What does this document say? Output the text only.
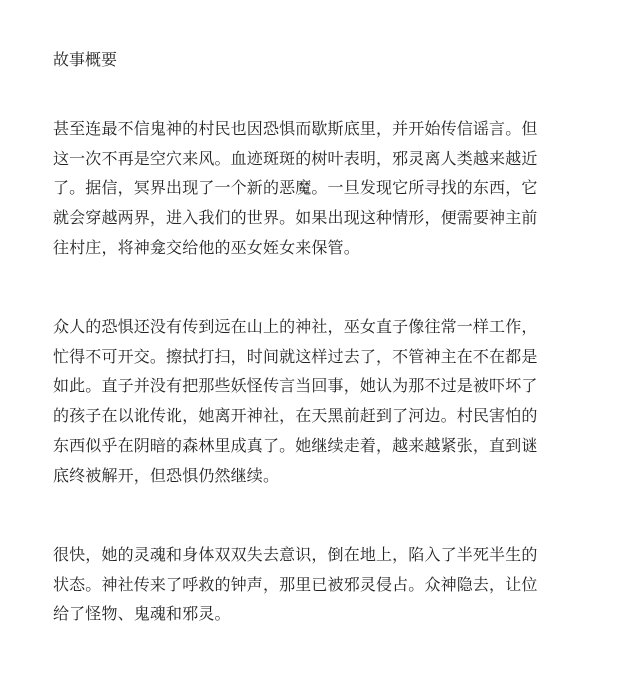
故事概要
甚至连最不信鬼神的村民也因恐惧而歇斯底里，并开始传信谣言。但
这一次不再是空穴来风。血迹斑斑的树叶表明，邪灵离人类越来越近
了。据信，冥界出现了一个新的恶魔。一旦发现它所寻找的东西，它
就会穿越两界，进入我们的世界。如果出现这种情形，便需要神主前
往村庄，将神龛交给他的巫女姪女来保管。
众人的恐惧还没有传到远在山上的神社，巫女直子像往常一样工作，
忙得不可开交。擦拭打扫，时间就这样过去了，不管神主在不在都是
如此。直子并没有把那些妖怪传言当回事，她认为那不过是被吓坏了
的孩子在以讹传讹，她离开神社，在天黑前赶到了河边。村民害怕的
东西似乎在阴暗的森林里成真了。她继续走着，越来越紧张，直到谜
底终被解开，但恐惧仍然继续。
很快，她的灵魂和身体双双失去意识，倒在地上，陷入了半死半生的
状态。神社传来了呼救的钟声，那里已被邪灵侵占。众神隐去，让位
给了怪物、鬼魂和邪灵。
